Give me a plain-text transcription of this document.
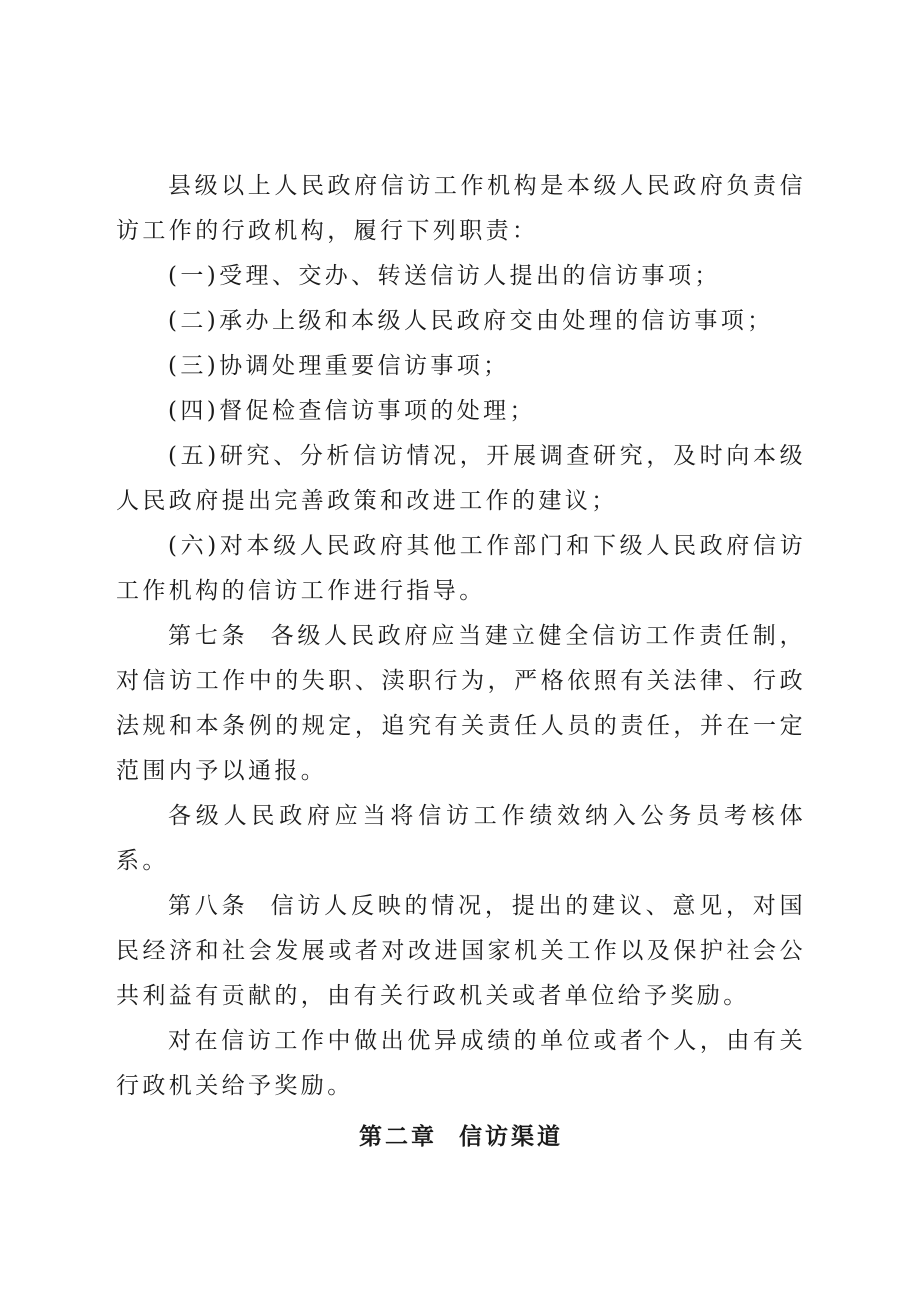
县级以上人民政府信访工作机构是本级人民政府负责信访工作的行政机构，履行下列职责：

(一)受理、交办、转送信访人提出的信访事项；

(二)承办上级和本级人民政府交由处理的信访事项；

(三)协调处理重要信访事项；

(四)督促检查信访事项的处理；

(五)研究、分析信访情况，开展调查研究，及时向本级人民政府提出完善政策和改进工作的建议；

(六)对本级人民政府其他工作部门和下级人民政府信访工作机构的信访工作进行指导。

第七条  各级人民政府应当建立健全信访工作责任制，对信访工作中的失职、渎职行为，严格依照有关法律、行政法规和本条例的规定，追究有关责任人员的责任，并在一定范围内予以通报。

各级人民政府应当将信访工作绩效纳入公务员考核体系。

第八条  信访人反映的情况，提出的建议、意见，对国民经济和社会发展或者对改进国家机关工作以及保护社会公共利益有贡献的，由有关行政机关或者单位给予奖励。

对在信访工作中做出优异成绩的单位或者个人，由有关行政机关给予奖励。

第二章  信访渠道
